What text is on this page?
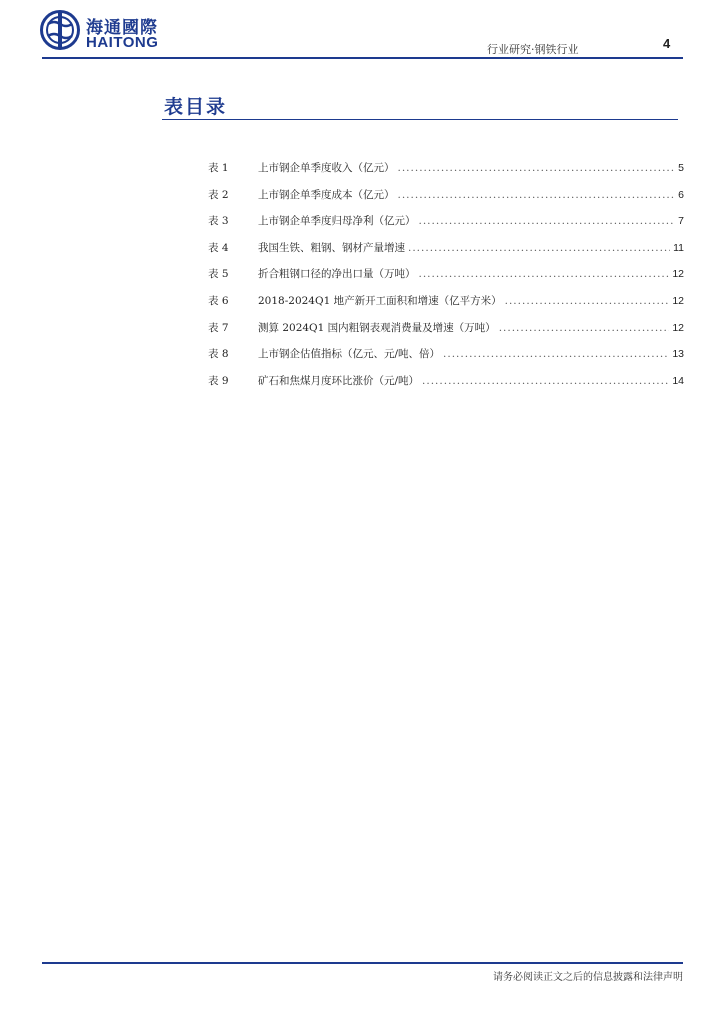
海通國際
HAITONG	行业研究·钢铁行业	4
表目录
表 1	上市钢企单季度收入（亿元） .....	5
表 2	上市钢企单季度成本（亿元） .....	6
表 3	上市钢企单季度归母净利（亿元） .....	7
表 4	我国生铁、粗钢、钢材产量增速 .....	11
表 5	折合粗钢口径的净出口量（万吨） .....	12
表 6	2018-2024Q1 地产新开工面积和增速（亿平方米） .....	12
表 7	测算 2024Q1 国内粗钢表观消费量及增速（万吨） .....	12
表 8	上市钢企估值指标（亿元、元/吨、倍） .....	13
表 9	矿石和焦煤月度环比涨价（元/吨） .....	14
请务必阅读正文之后的信息披露和法律声明
